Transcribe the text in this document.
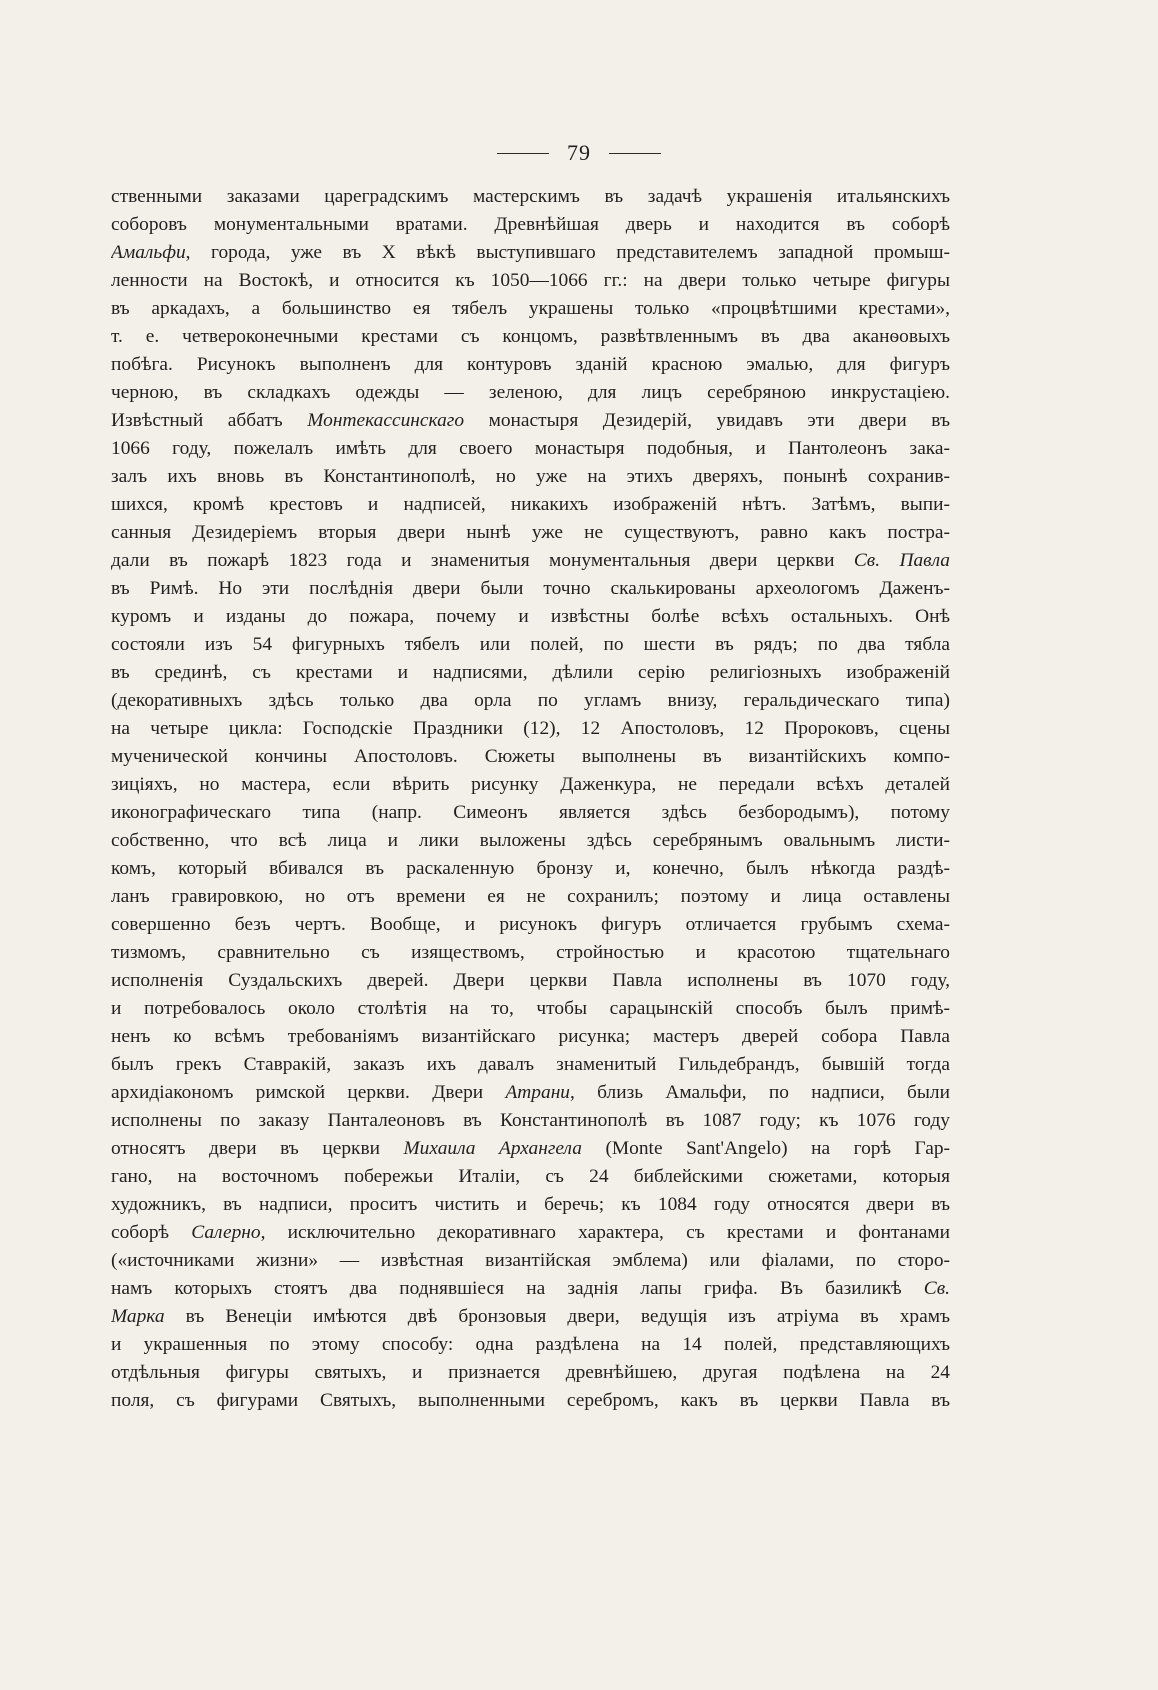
79
ственными заказами цареградскимъ мастерскимъ въ задачѣ украшенія итальянскихъ
соборовъ монументальными вратами. Древнѣйшая дверь и находится въ соборѣ
Амальфи, города, уже въ X вѣкѣ выступившаго представителемъ западной промыш-
ленности на Востокѣ, и относится къ 1050—1066 гг.: на двери только четыре фигуры
въ аркадахъ, а большинство ея тябелъ украшены только «процвѣтшими крестами»,
т. е. четвероконечными крестами съ концомъ, развѣтвленнымъ въ два аканѳовыхъ
побѣга. Рисунокъ выполненъ для контуровъ зданій красною эмалью, для фигуръ
черною, въ складкахъ одежды — зеленою, для лицъ серебряною инкрустаціею.
Извѣстный аббатъ Монтекассинскаго монастыря Дезидерій, увидавъ эти двери въ
1066 году, пожелалъ имѣть для своего монастыря подобныя, и Пантолеонъ зака-
залъ ихъ вновь въ Константинополѣ, но уже на этихъ дверяхъ, понынѣ сохранив-
шихся, кромѣ крестовъ и надписей, никакихъ изображеній нѣтъ. Затѣмъ, выпи-
санныя Дезидеріемъ вторыя двери нынѣ уже не существуютъ, равно какъ постра-
дали въ пожарѣ 1823 года и знаменитыя монументальныя двери церкви Св. Павла
въ Римѣ. Но эти послѣднія двери были точно скалькированы археологомъ Даженъ-
куромъ и изданы до пожара, почему и извѣстны болѣе всѣхъ остальныхъ. Онѣ
состояли изъ 54 фигурныхъ тябелъ или полей, по шести въ рядъ; по два тябла
въ срединѣ, съ крестами и надписями, дѣлили серію религіозныхъ изображеній
(декоративныхъ здѣсь только два орла по угламъ внизу, геральдическаго типа)
на четыре цикла: Господскіе Праздники (12), 12 Апостоловъ, 12 Пророковъ, сцены
мученической кончины Апостоловъ. Сюжеты выполнены въ византійскихъ компо-
зиціяхъ, но мастера, если вѣрить рисунку Даженкура, не передали всѣхъ деталей
иконографическаго типа (напр. Симеонъ является здѣсь безбородымъ), потому
собственно, что всѣ лица и лики выложены здѣсь серебрянымъ овальнымъ листи-
комъ, который вбивался въ раскаленную бронзу и, конечно, былъ нѣкогда раздѣ-
ланъ гравировкою, но отъ времени ея не сохранилъ; поэтому и лица оставлены
совершенно безъ чертъ. Вообще, и рисунокъ фигуръ отличается грубымъ схема-
тизмомъ, сравнительно съ изяществомъ, стройностью и красотою тщательнаго
исполненія Суздальскихъ дверей. Двери церкви Павла исполнены въ 1070 году,
и потребовалось около столѣтія на то, чтобы сарацынскій способъ былъ примѣ-
ненъ ко всѣмъ требованіямъ византійскаго рисунка; мастеръ дверей собора Павла
былъ грекъ Ставракій, заказъ ихъ давалъ знаменитый Гильдебрандъ, бывшій тогда
архидіакономъ римской церкви. Двери Атрани, близь Амальфи, по надписи, были
исполнены по заказу Панталеоновъ въ Константинополѣ въ 1087 году; къ 1076 году
относятъ двери въ церкви Михаила Архангела (Monte Sant'Angelo) на горѣ Гар-
гано, на восточномъ побережьи Италіи, съ 24 библейскими сюжетами, которыя
художникъ, въ надписи, проситъ чистить и беречь; къ 1084 году относятся двери въ
соборѣ Салерно, исключительно декоративнаго характера, съ крестами и фонтанами
(«источниками жизни» — извѣстная византійская эмблема) или фіалами, по сторо-
намъ которыхъ стоятъ два поднявшіеся на заднія лапы грифа. Въ базиликѣ Св.
Марка въ Венеціи имѣются двѣ бронзовыя двери, ведущія изъ атріума въ храмъ
и украшенныя по этому способу: одна раздѣлена на 14 полей, представляющихъ
отдѣльныя фигуры святыхъ, и признается древнѣйшею, другая подѣлена на 24
поля, съ фигурами Святыхъ, выполненными серебромъ, какъ въ церкви Павла въ
